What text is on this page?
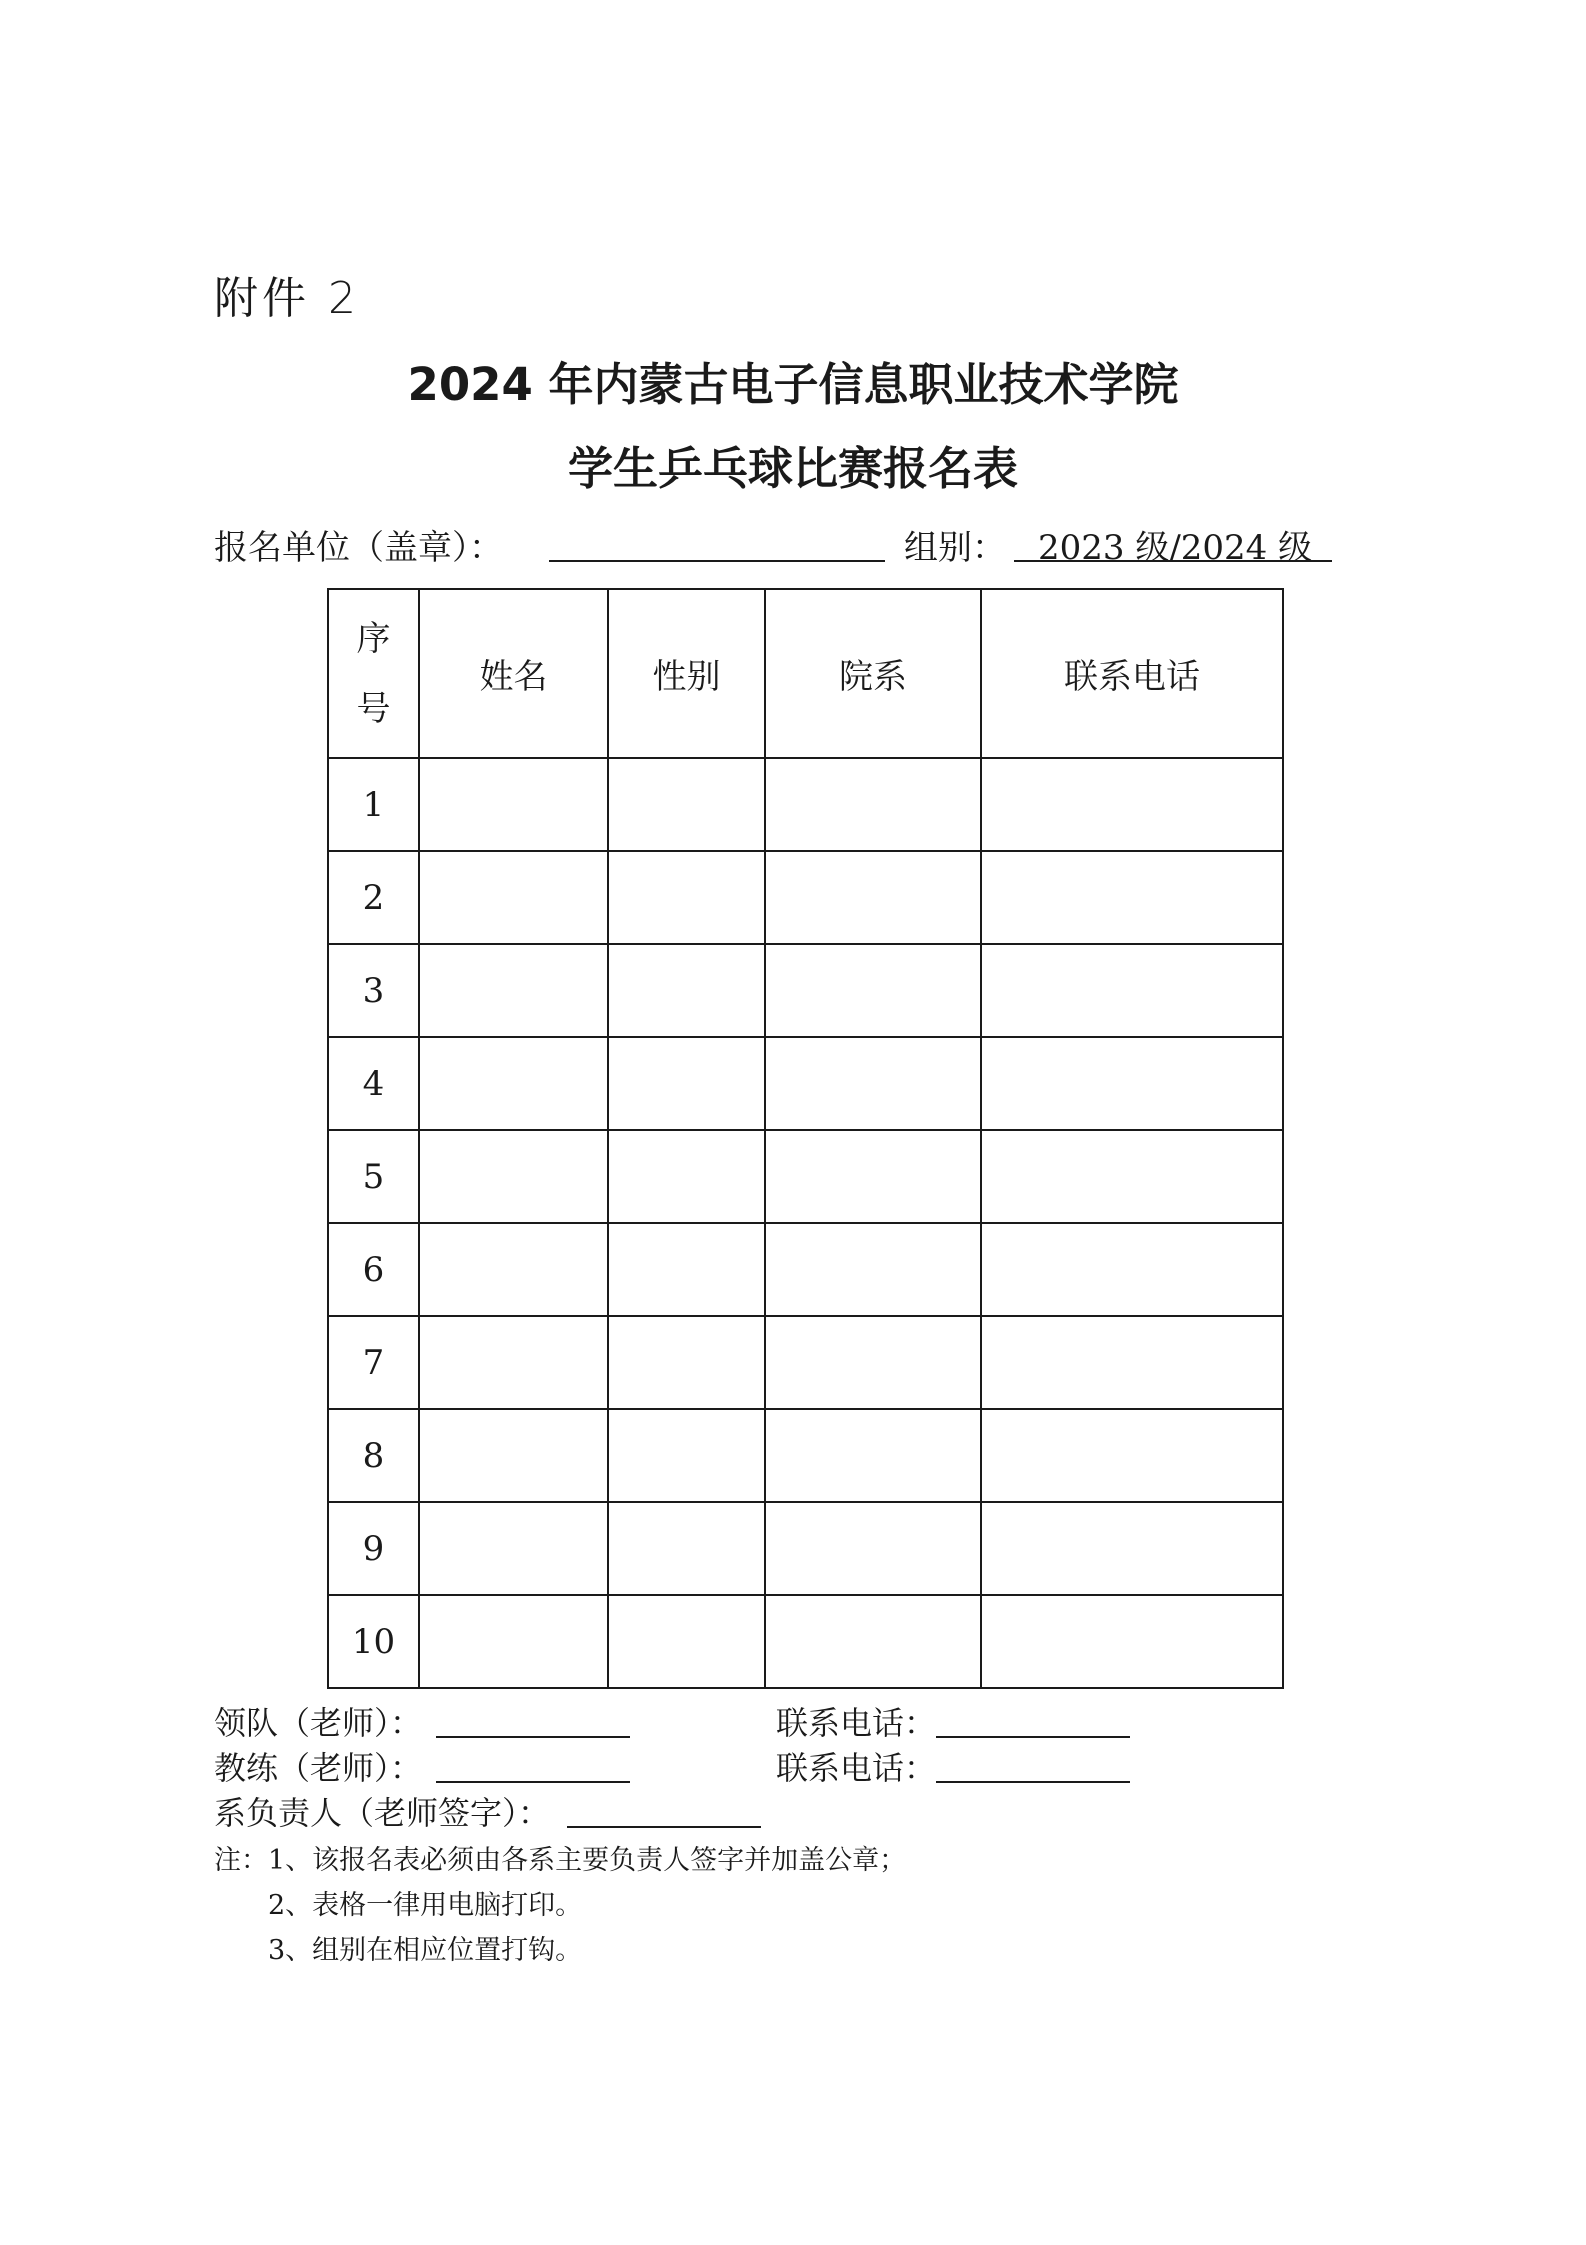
附件 2
2024 年内蒙古电子信息职业技术学院
学生乒乓球比赛报名表
报名单位（盖章）：	组别： 2023 级/2024 级
序
号	姓名	性别	院系	联系电话
1				
2				
3				
4				
5				
6				
7				
8				
9				
10				
领队（老师）：	联系电话：
教练（老师）：	联系电话：
系负责人（老师签字）：
注：1、该报名表必须由各系主要负责人签字并加盖公章；
2、表格一律用电脑打印。
3、组别在相应位置打钩。
